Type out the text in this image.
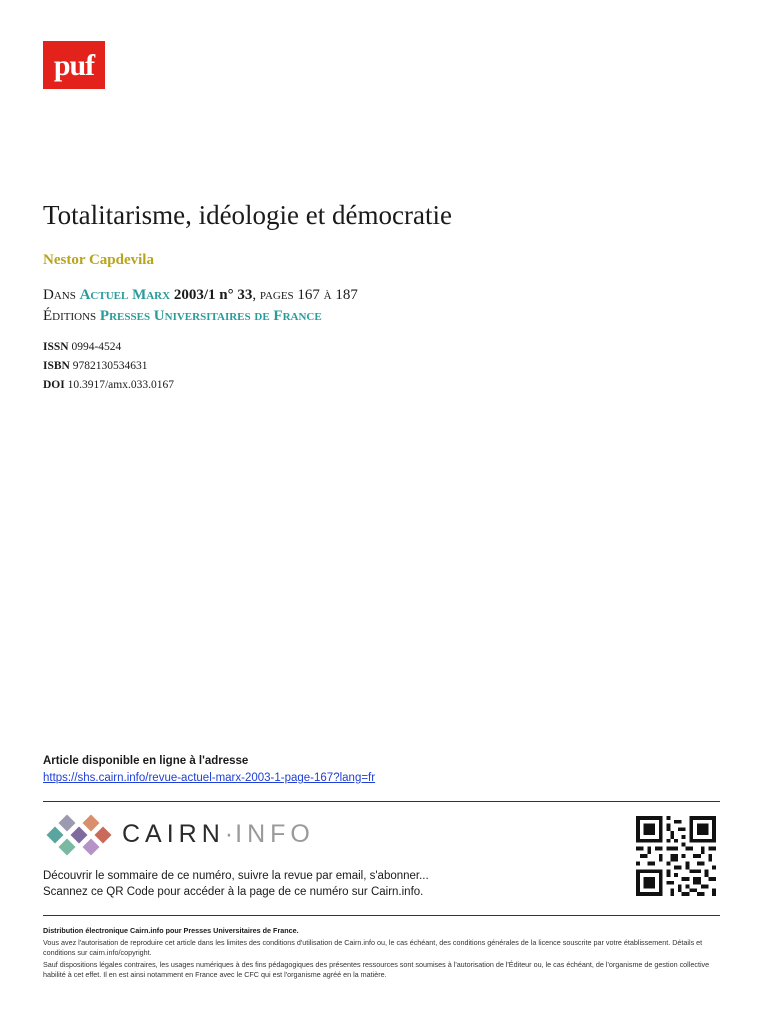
puf
Totalitarisme, idéologie et démocratie
Nestor Capdevila
Dans Actuel Marx 2003/1 n° 33, pages 167 à 187
Éditions Presses Universitaires de France
ISSN 0994-4524
ISBN 9782130534631
DOI 10.3917/amx.033.0167
Article disponible en ligne à l'adresse
https://shs.cairn.info/revue-actuel-marx-2003-1-page-167?lang=fr
CAIRN·INFO
Découvrir le sommaire de ce numéro, suivre la revue par email, s'abonner...
Scannez ce QR Code pour accéder à la page de ce numéro sur Cairn.info.
Distribution électronique Cairn.info pour Presses Universitaires de France.
Vous avez l'autorisation de reproduire cet article dans les limites des conditions d'utilisation de Cairn.info ou, le cas échéant, des conditions générales de la licence souscrite par votre établissement. Détails et conditions sur cairn.info/copyright.
Sauf dispositions légales contraires, les usages numériques à des fins pédagogiques des présentes ressources sont soumises à l'autorisation de l'Éditeur ou, le cas échéant, de l'organisme de gestion collective habilité à cet effet. Il en est ainsi notamment en France avec le CFC qui est l'organisme agréé en la matière.
